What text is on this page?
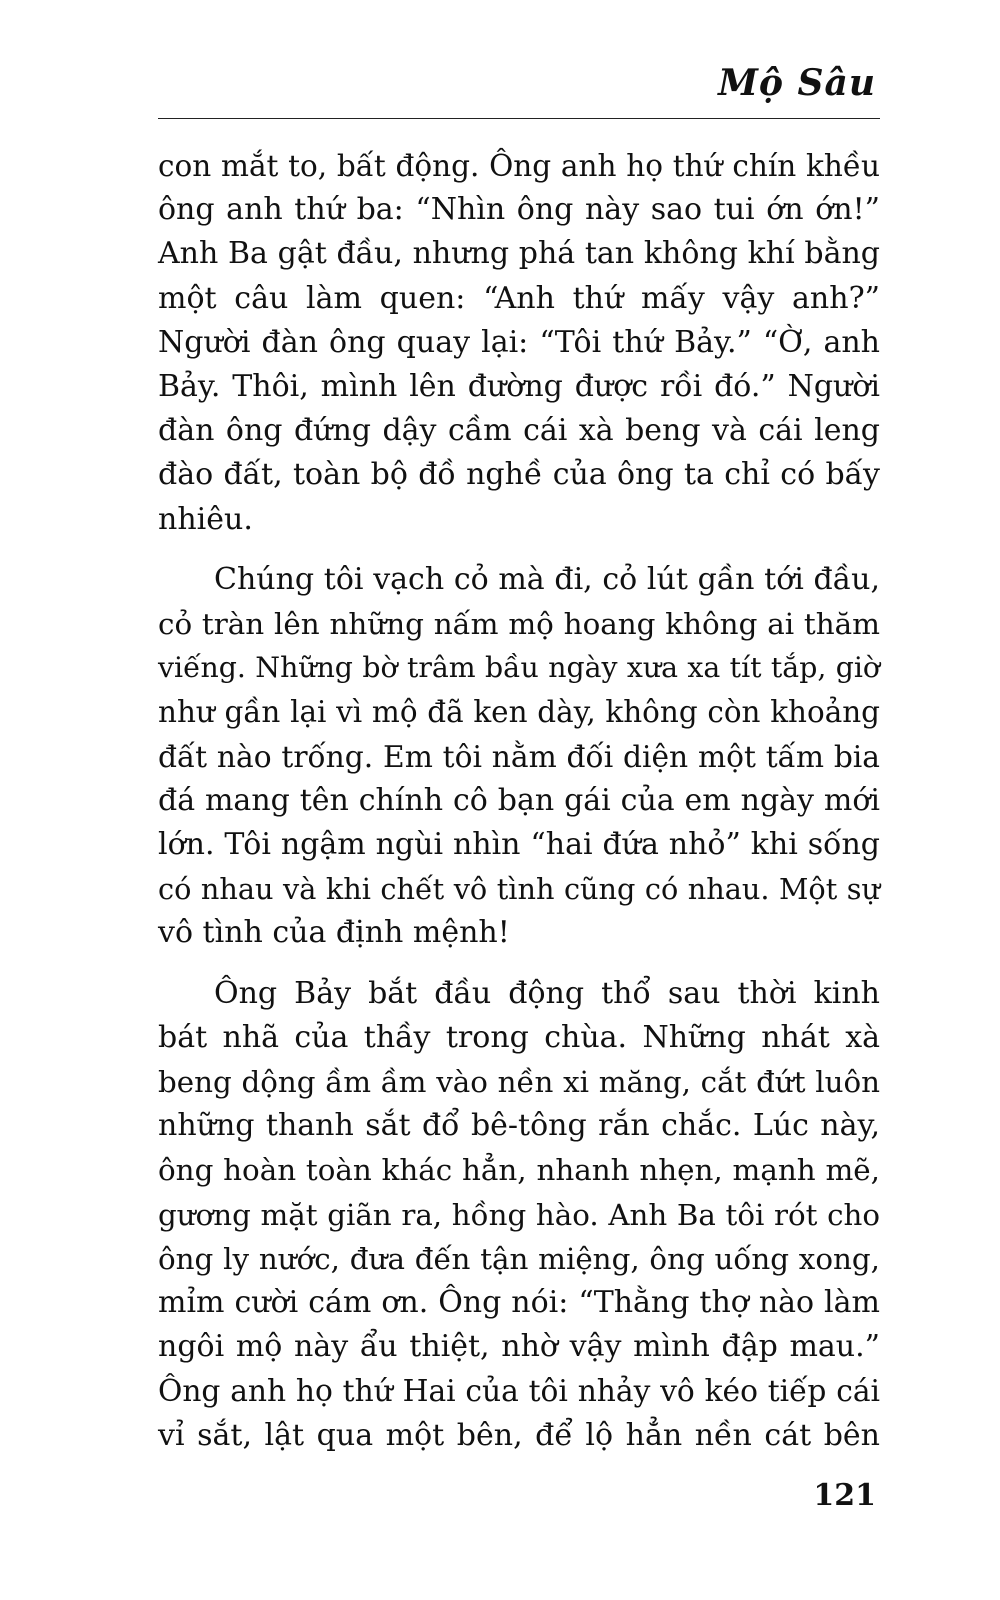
Mộ Sâu
con mắt to, bất động. Ông anh họ thứ chín khều
ông anh thứ ba: “Nhìn ông này sao tui ớn ớn!”
Anh Ba gật đầu, nhưng phá tan không khí bằng
một câu làm quen: “Anh thứ mấy vậy anh?”
Người đàn ông quay lại: “Tôi thứ Bảy.” “Ờ, anh
Bảy. Thôi, mình lên đường được rồi đó.” Người
đàn ông đứng dậy cầm cái xà beng và cái leng
đào đất, toàn bộ đồ nghề của ông ta chỉ có bấy
nhiêu.
Chúng tôi vạch cỏ mà đi, cỏ lút gần tới đầu,
cỏ tràn lên những nấm mộ hoang không ai thăm
viếng. Những bờ trâm bầu ngày xưa xa tít tắp, giờ
như gần lại vì mộ đã ken dày, không còn khoảng
đất nào trống. Em tôi nằm đối diện một tấm bia
đá mang tên chính cô bạn gái của em ngày mới
lớn. Tôi ngậm ngùi nhìn “hai đứa nhỏ” khi sống
có nhau và khi chết vô tình cũng có nhau. Một sự
vô tình của định mệnh!
Ông Bảy bắt đầu động thổ sau thời kinh
bát nhã của thầy trong chùa. Những nhát xà
beng dộng ầm ầm vào nền xi măng, cắt đứt luôn
những thanh sắt đổ bê-tông rắn chắc. Lúc này,
ông hoàn toàn khác hẳn, nhanh nhẹn, mạnh mẽ,
gương mặt giãn ra, hồng hào. Anh Ba tôi rót cho
ông ly nước, đưa đến tận miệng, ông uống xong,
mỉm cười cám ơn. Ông nói: “Thằng thợ nào làm
ngôi mộ này ẩu thiệt, nhờ vậy mình đập mau.”
Ông anh họ thứ Hai của tôi nhảy vô kéo tiếp cái
vỉ sắt, lật qua một bên, để lộ hẳn nền cát bên
121
